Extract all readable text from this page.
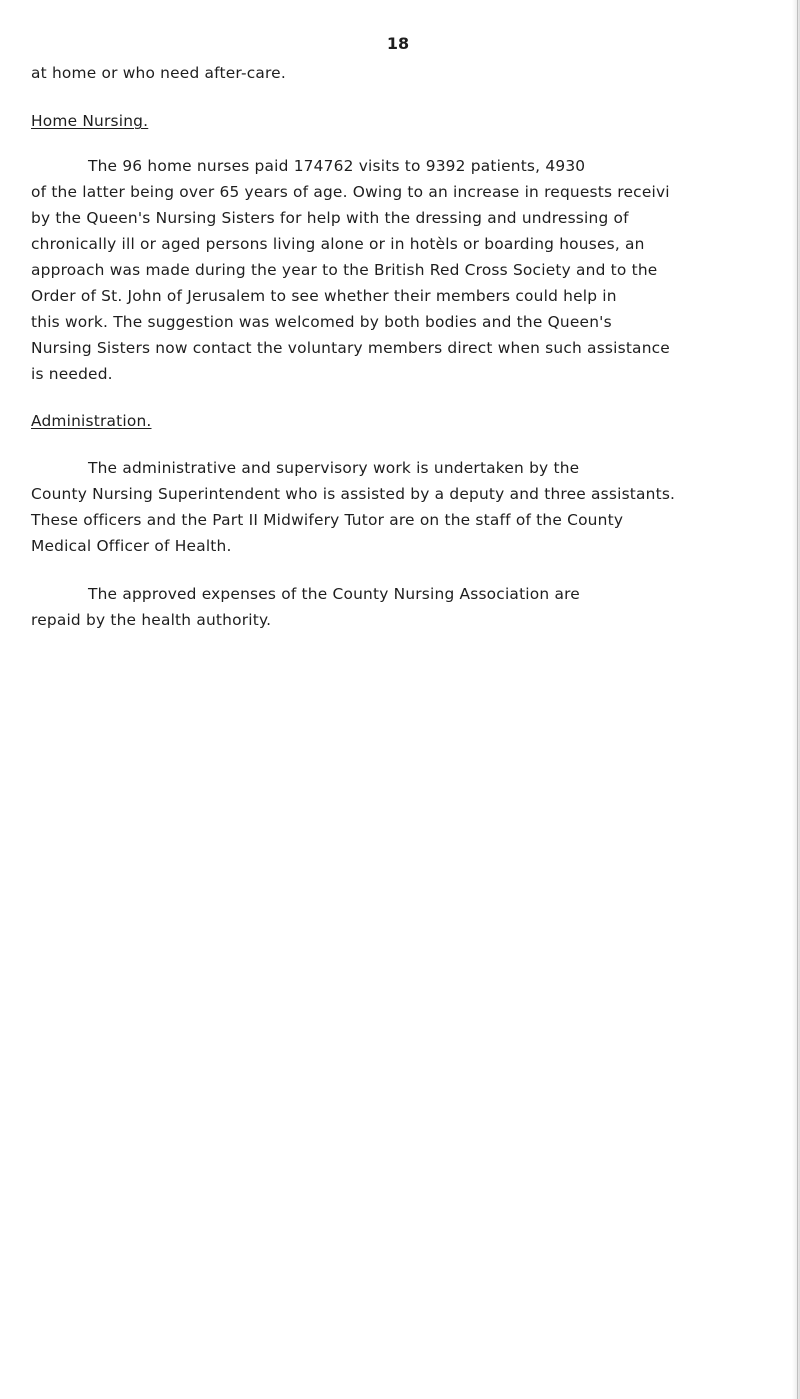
18
at home or who need after-care.
Home Nursing.
The 96 home nurses paid 174762 visits to 9392 patients, 4930
of the latter being over 65 years of age. Owing to an increase in requests receivi
by the Queen's Nursing Sisters for help with the dressing and undressing of
chronically ill or aged persons living alone or in hotèls or boarding houses, an
approach was made during the year to the British Red Cross Society and to the
Order of St. John of Jerusalem to see whether their members could help in
this work. The suggestion was welcomed by both bodies and the Queen's
Nursing Sisters now contact the voluntary members direct when such assistance
is needed.
Administration.
The administrative and supervisory work is undertaken by the
County Nursing Superintendent who is assisted by a deputy and three assistants.
These officers and the Part II Midwifery Tutor are on the staff of the County
Medical Officer of Health.
The approved expenses of the County Nursing Association are
repaid by the health authority.
